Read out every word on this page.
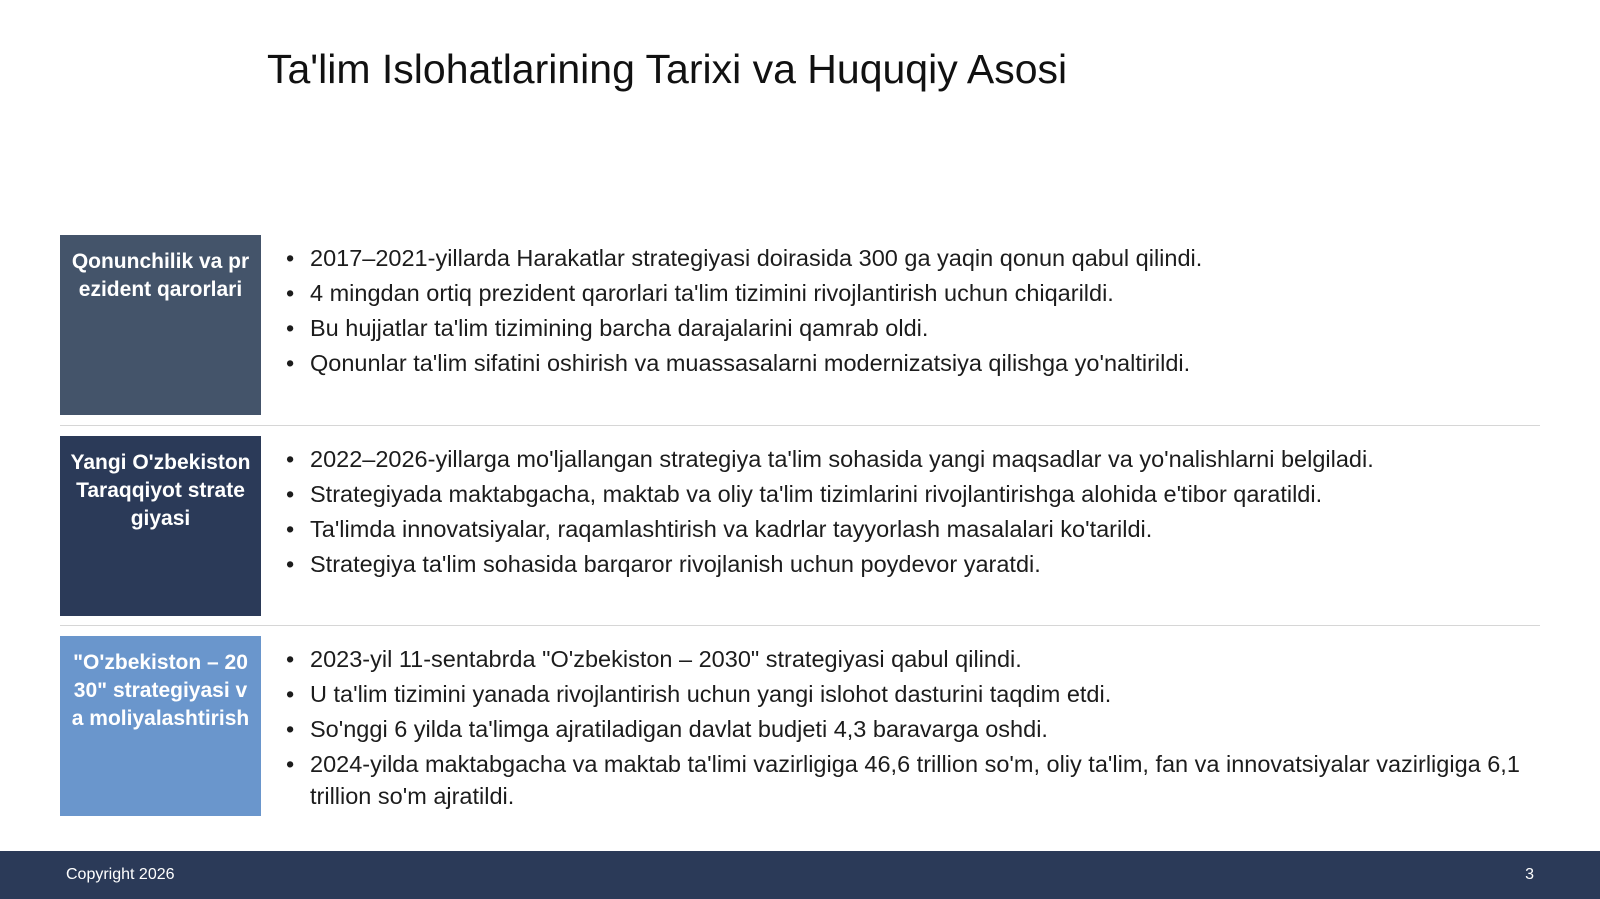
Ta'lim Islohatlarining Tarixi va Huquqiy Asosi
Qonunchilik va prezident qarorlari
• 2017–2021-yillarda Harakatlar strategiyasi doirasida 300 ga yaqin qonun qabul qilindi.
• 4 mingdan ortiq prezident qarorlari ta'lim tizimini rivojlantirish uchun chiqarildi.
• Bu hujjatlar ta'lim tizimining barcha darajalarini qamrab oldi.
• Qonunlar ta'lim sifatini oshirish va muassasalarni modernizatsiya qilishga yo'naltirildi.
Yangi O'zbekiston Taraqqiyot strategiyasi
• 2022–2026-yillarga mo'ljallangan strategiya ta'lim sohasida yangi maqsadlar va yo'nalishlarni belgiladi.
• Strategiyada maktabgacha, maktab va oliy ta'lim tizimlarini rivojlantirishga alohida e'tibor qaratildi.
• Ta'limda innovatsiyalar, raqamlashtirish va kadrlar tayyorlash masalalari ko'tarildi.
• Strategiya ta'lim sohasida barqaror rivojlanish uchun poydevor yaratdi.
"O'zbekiston – 2030" strategiyasi va moliyalashtirish
• 2023-yil 11-sentabrda "O'zbekiston – 2030" strategiyasi qabul qilindi.
• U ta'lim tizimini yanada rivojlantirish uchun yangi islohot dasturini taqdim etdi.
• So'nggi 6 yilda ta'limga ajratiladigan davlat budjeti 4,3 baravarga oshdi.
• 2024-yilda maktabgacha va maktab ta'limi vazirligiga 46,6 trillion so'm, oliy ta'lim, fan va innovatsiyalar vazirligiga 6,1 trillion so'm ajratildi.
Copyright 2026	3
